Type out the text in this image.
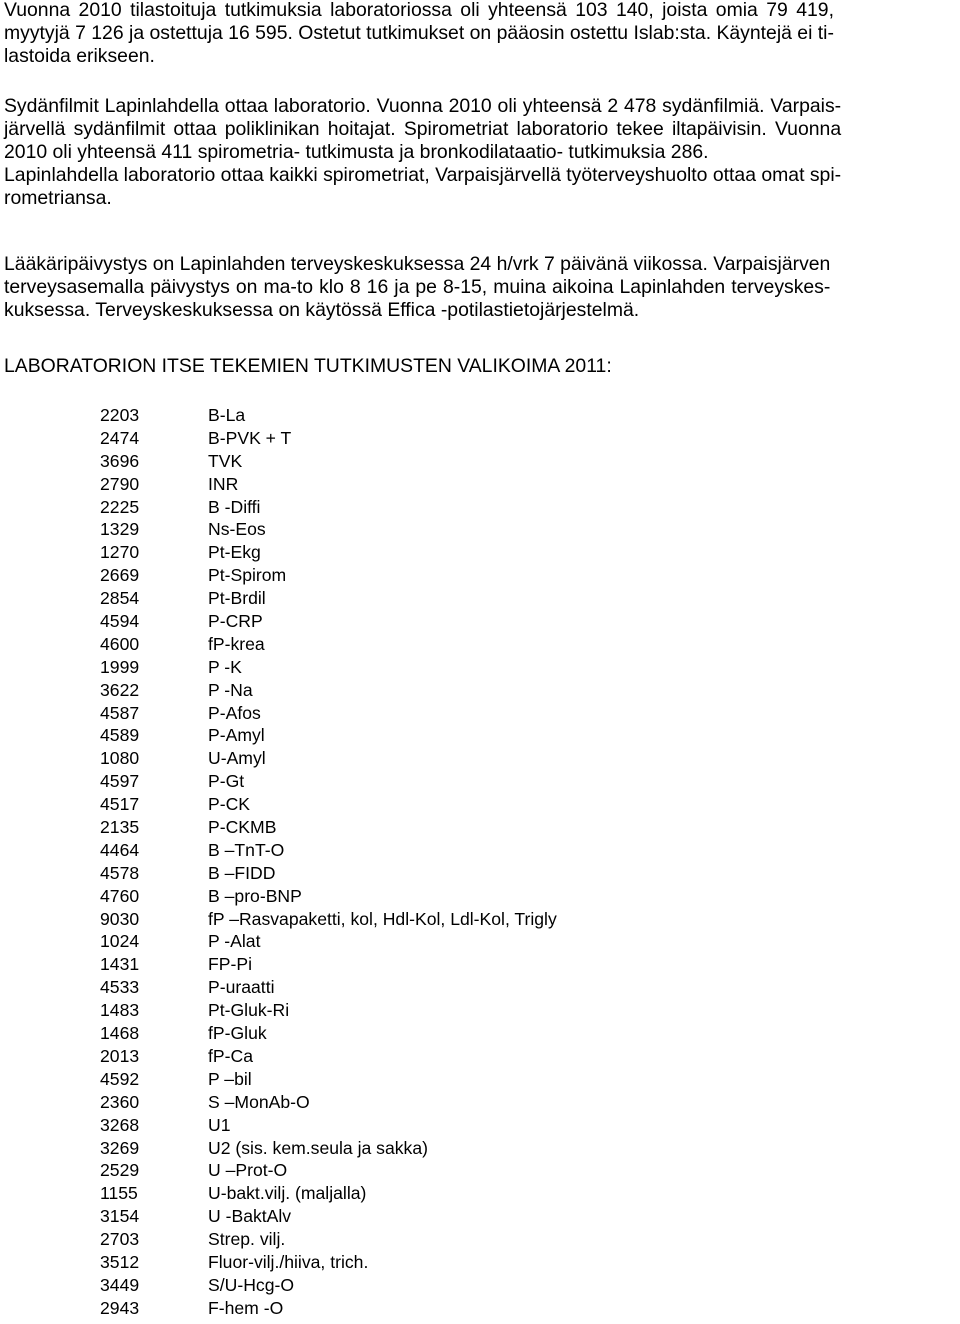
Vuonna 2010 tilastoituja tutkimuksia laboratoriossa oli yhteensä 103 140, joista omia 79 419,
myytyjä 7 126 ja ostettuja 16 595. Ostetut tutkimukset on pääosin ostettu Islab:sta. Käyntejä ei ti-
lastoida erikseen.

Sydänfilmit Lapinlahdella ottaa laboratorio. Vuonna 2010 oli yhteensä 2 478 sydänfilmiä. Varpais-
järvellä sydänfilmit ottaa poliklinikan hoitajat. Spirometriat laboratorio tekee iltapäivisin. Vuonna
2010 oli yhteensä 411 spirometria- tutkimusta ja bronkodilataatio- tutkimuksia 286.
Lapinlahdella laboratorio ottaa kaikki spirometriat, Varpaisjärvellä työterveyshuolto ottaa omat spi-
rometriansa.

Lääkäripäivystys on Lapinlahden terveyskeskuksessa 24 h/vrk 7 päivänä viikossa. Varpaisjärven
terveysasemalla päivystys on ma-to klo 8 16 ja pe 8-15, muina aikoina Lapinlahden terveyskes-
kuksessa. Terveyskeskuksessa on käytössä Effica -potilastietojärjestelmä.

LABORATORION ITSE TEKEMIEN TUTKIMUSTEN VALIKOIMA 2011:
2203	B-La
2474	B-PVK + T
3696	TVK
2790	INR
2225	B -Diffi
1329	Ns-Eos
1270	Pt-Ekg
2669	Pt-Spirom
2854	Pt-Brdil
4594	P-CRP
4600	fP-krea
1999	P -K
3622	P -Na
4587	P-Afos
4589	P-Amyl
1080	U-Amyl
4597	P-Gt
4517	P-CK
2135	P-CKMB
4464	B –TnT-O
4578	B –FIDD
4760	B –pro-BNP
9030	fP –Rasvapaketti, kol, Hdl-Kol, Ldl-Kol, Trigly
1024	P -Alat
1431	FP-Pi
4533	P-uraatti
1483	Pt-Gluk-Ri
1468	fP-Gluk
2013	fP-Ca
4592	P –bil
2360	S –MonAb-O
3268	U1
3269	U2 (sis. kem.seula ja sakka)
2529	U –Prot-O
1155	U-bakt.vilj. (maljalla)
3154	U -BaktAlv
2703	Strep. vilj.
3512	Fluor-vilj./hiiva, trich.
3449	S/U-Hcg-O
2943	F-hem -O
